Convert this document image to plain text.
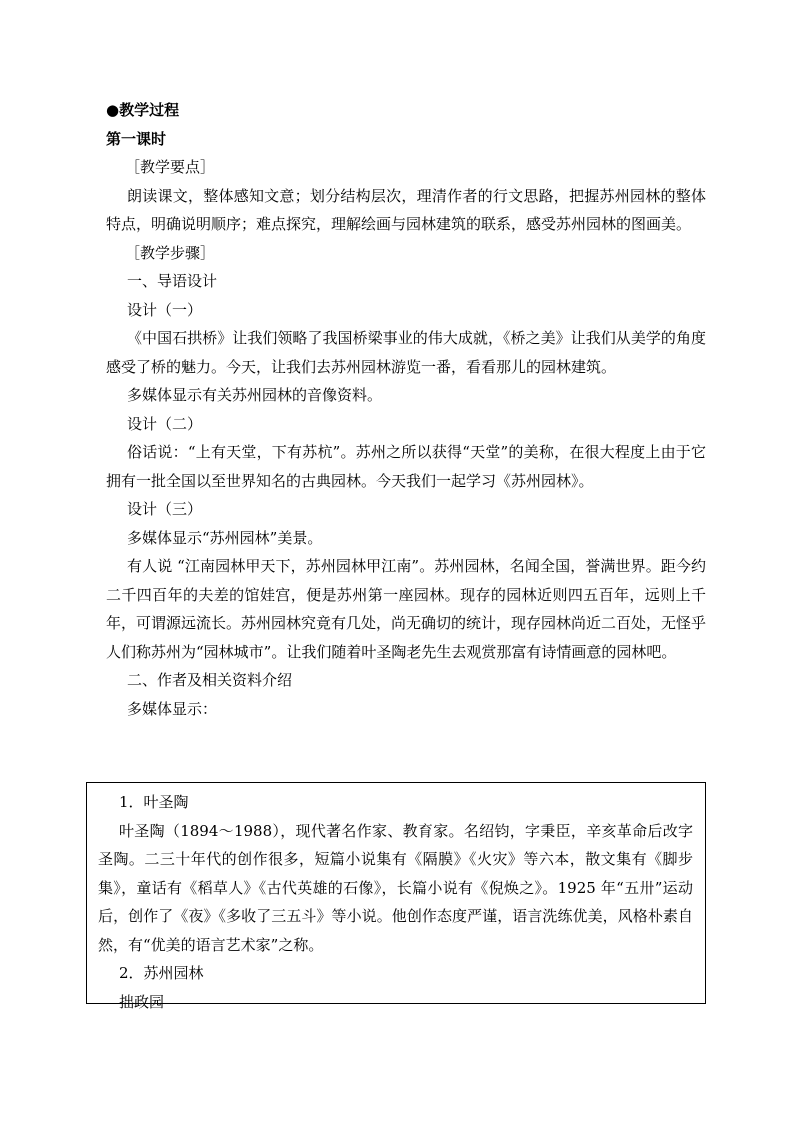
●教学过程

第一课时

［教学要点］

朗读课文，整体感知文意；划分结构层次，理清作者的行文思路，把握苏州园林的整体特点，明确说明顺序；难点探究，理解绘画与园林建筑的联系，感受苏州园林的图画美。

［教学步骤］

一、导语设计

设计（一）

《中国石拱桥》让我们领略了我国桥梁事业的伟大成就，《桥之美》让我们从美学的角度感受了桥的魅力。今天，让我们去苏州园林游览一番，看看那儿的园林建筑。

多媒体显示有关苏州园林的音像资料。

设计（二）

俗话说：“上有天堂，下有苏杭”。苏州之所以获得“天堂”的美称，在很大程度上由于它拥有一批全国以至世界知名的古典园林。今天我们一起学习《苏州园林》。

设计（三）

多媒体显示“苏州园林”美景。

有人说 “江南园林甲天下，苏州园林甲江南”。苏州园林，名闻全国，誉满世界。距今约二千四百年的夫差的馆娃宫，便是苏州第一座园林。现存的园林近则四五百年，远则上千年，可谓源远流长。苏州园林究竟有几处，尚无确切的统计，现存园林尚近二百处，无怪乎人们称苏州为“园林城市”。让我们随着叶圣陶老先生去观赏那富有诗情画意的园林吧。

二、作者及相关资料介绍

多媒体显示：

1．叶圣陶

叶圣陶（1894～1988），现代著名作家、教育家。名绍钧，字秉臣，辛亥革命后改字圣陶。二三十年代的创作很多，短篇小说集有《隔膜》《火灾》等六本，散文集有《脚步集》，童话有《稻草人》《古代英雄的石像》，长篇小说有《倪焕之》。1925 年“五卅”运动后，创作了《夜》《多收了三五斗》等小说。他创作态度严谨，语言洗练优美，风格朴素自然，有“优美的语言艺术家”之称。

2．苏州园林

拙政园
